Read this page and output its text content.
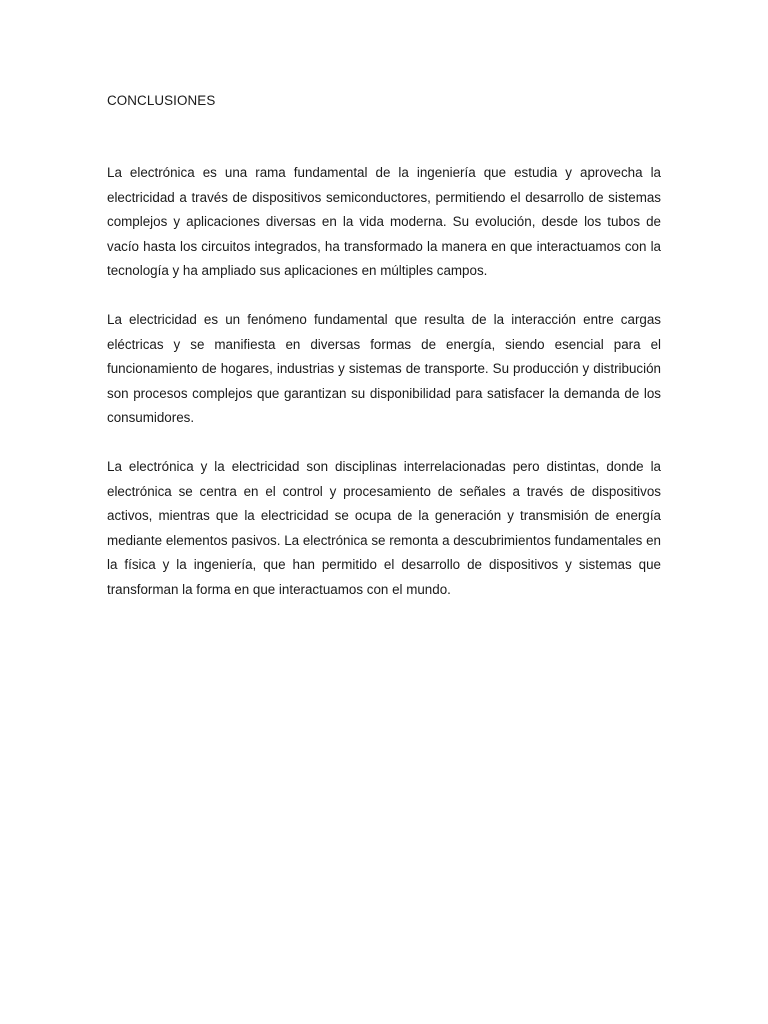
CONCLUSIONES

La electrónica es una rama fundamental de la ingeniería que estudia y aprovecha la electricidad a través de dispositivos semiconductores, permitiendo el desarrollo de sistemas complejos y aplicaciones diversas en la vida moderna. Su evolución, desde los tubos de vacío hasta los circuitos integrados, ha transformado la manera en que interactuamos con la tecnología y ha ampliado sus aplicaciones en múltiples campos.

La electricidad es un fenómeno fundamental que resulta de la interacción entre cargas eléctricas y se manifiesta en diversas formas de energía, siendo esencial para el funcionamiento de hogares, industrias y sistemas de transporte. Su producción y distribución son procesos complejos que garantizan su disponibilidad para satisfacer la demanda de los consumidores.

La electrónica y la electricidad son disciplinas interrelacionadas pero distintas, donde la electrónica se centra en el control y procesamiento de señales a través de dispositivos activos, mientras que la electricidad se ocupa de la generación y transmisión de energía mediante elementos pasivos. La electrónica se remonta a descubrimientos fundamentales en la física y la ingeniería, que han permitido el desarrollo de dispositivos y sistemas que transforman la forma en que interactuamos con el mundo.
